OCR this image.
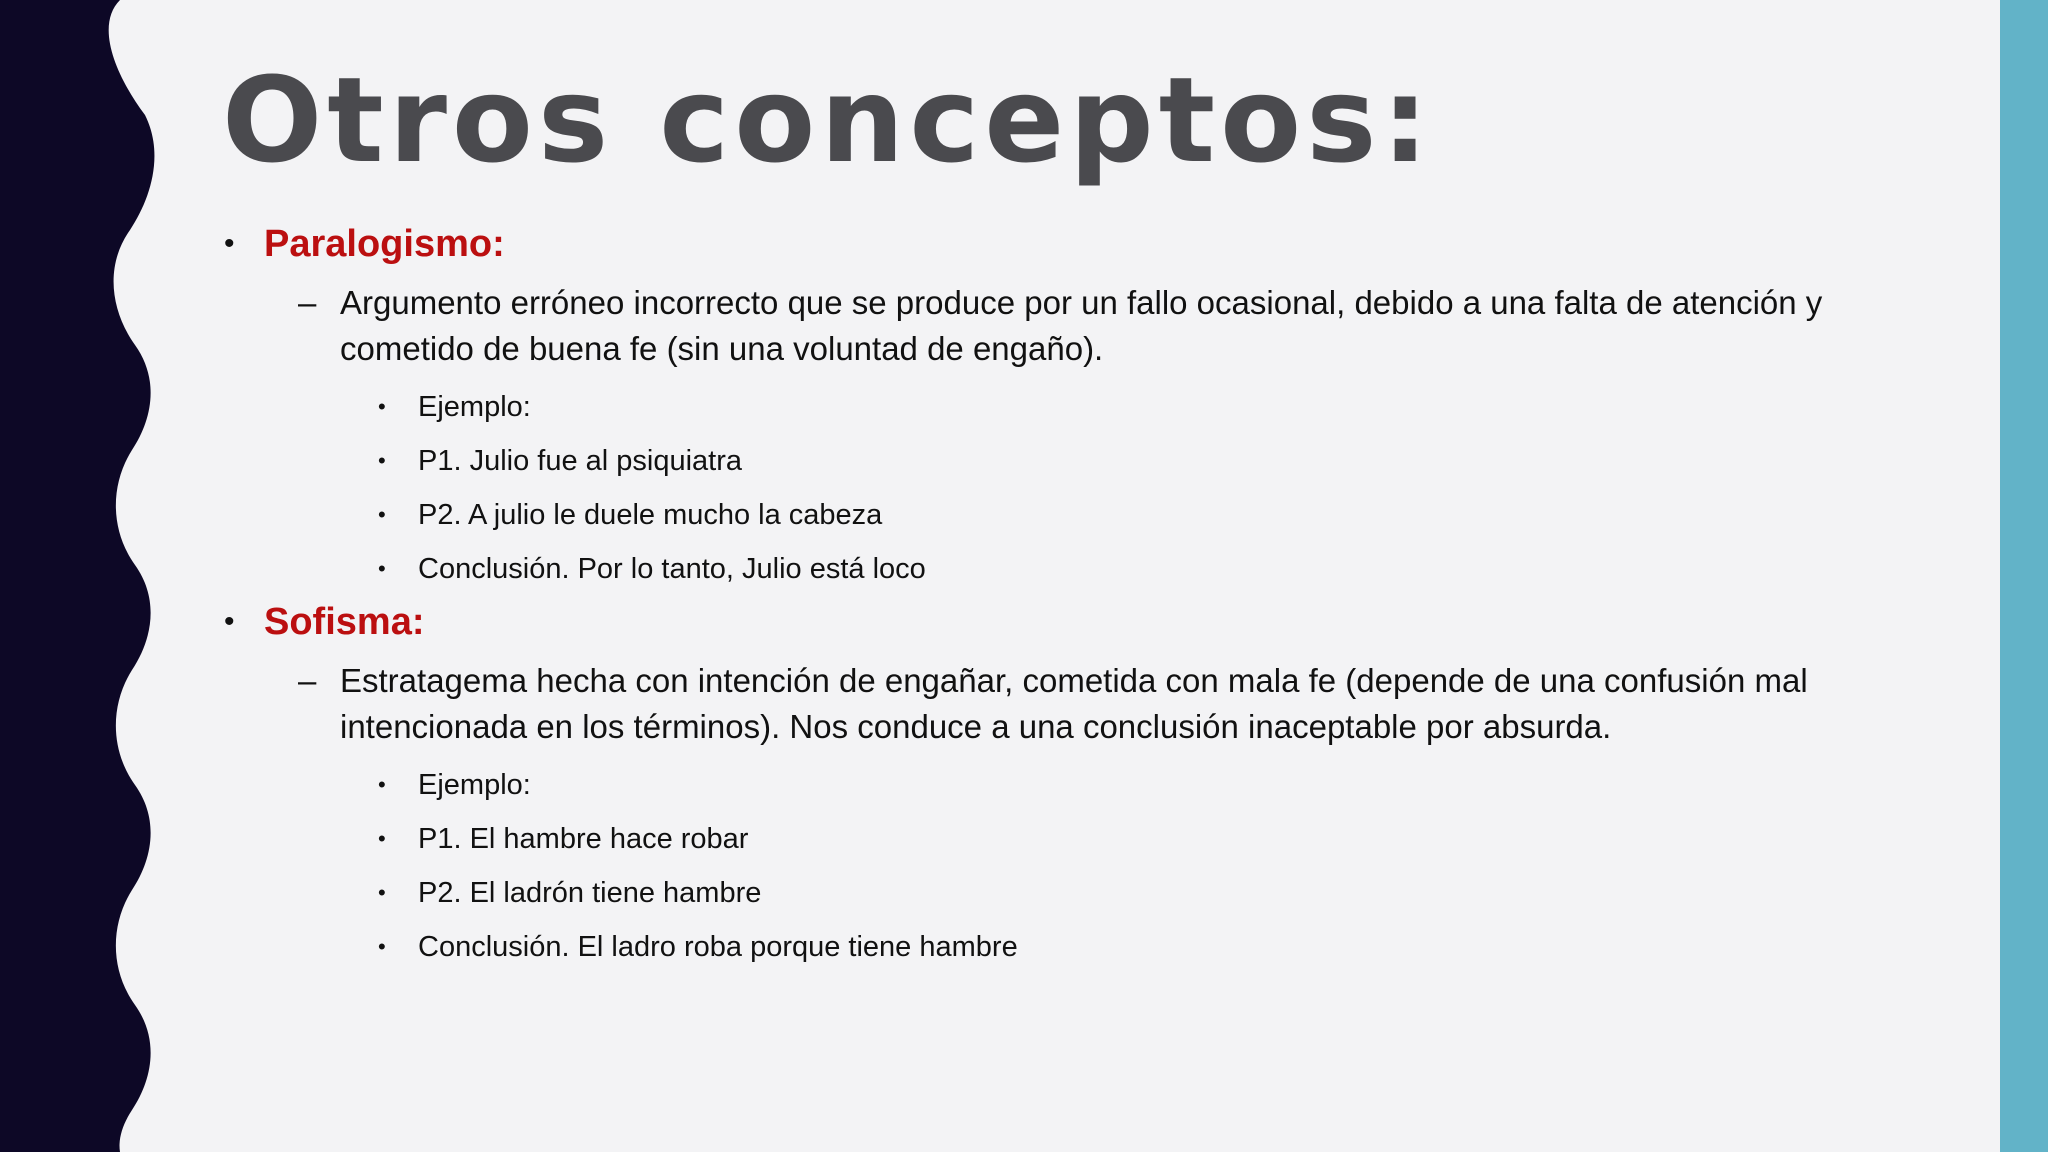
Otros conceptos:
• Paralogismo:
– Argumento erróneo incorrecto que se produce por un fallo ocasional, debido a una falta de atención y cometido de buena fe (sin una voluntad de engaño).
• Ejemplo:
• P1. Julio fue al psiquiatra
• P2. A julio le duele mucho la cabeza
• Conclusión. Por lo tanto, Julio está loco
• Sofisma:
– Estratagema hecha con intención de engañar, cometida con mala fe (depende de una confusión mal intencionada en los términos). Nos conduce a una conclusión inaceptable por absurda.
• Ejemplo:
• P1. El hambre hace robar
• P2. El ladrón tiene hambre
• Conclusión. El ladro roba porque tiene hambre
